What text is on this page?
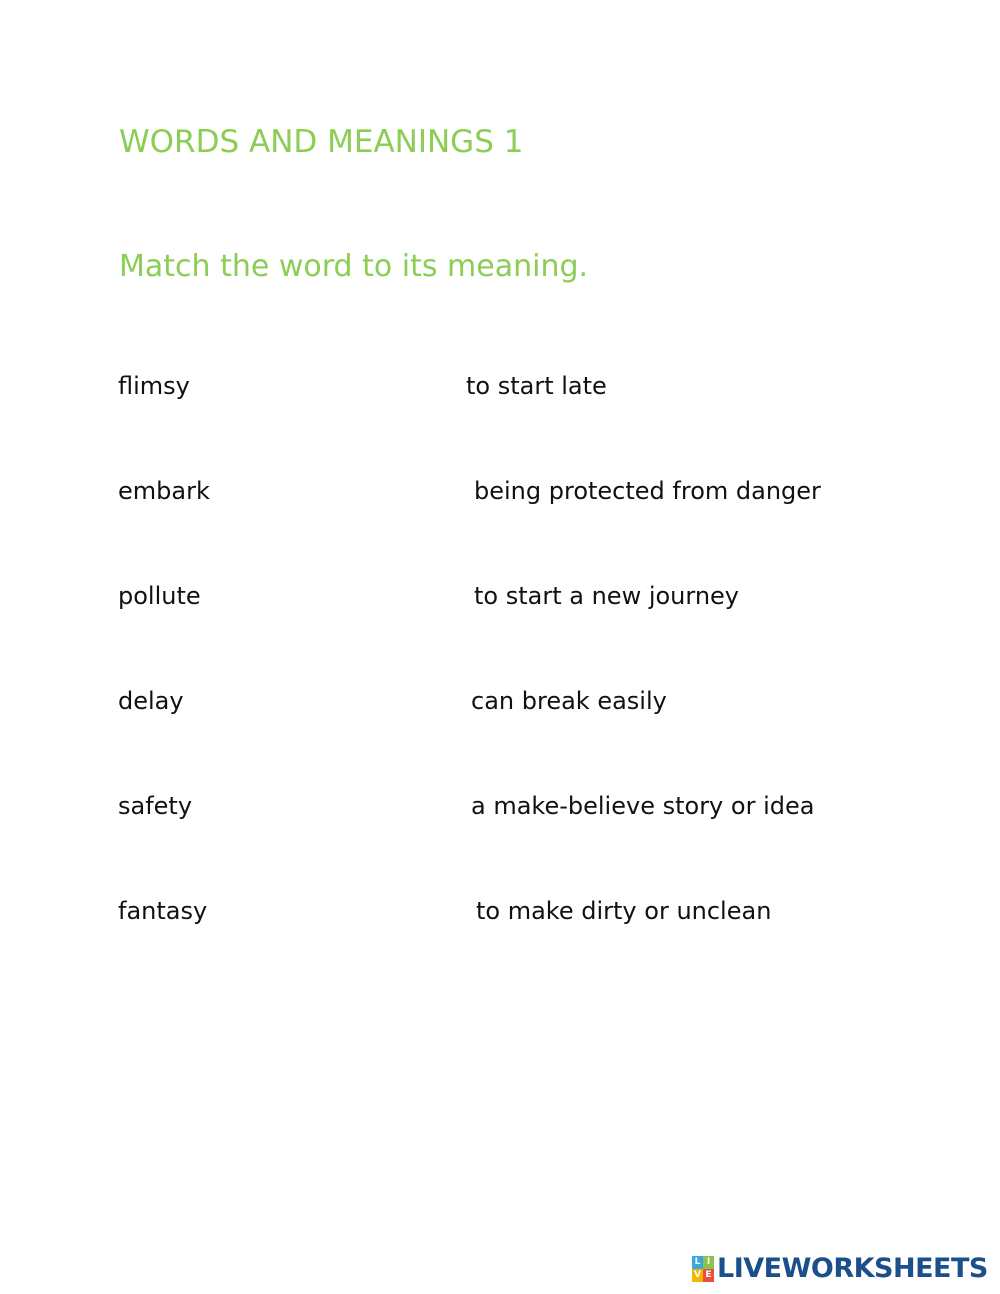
WORDS AND MEANINGS 1
Match the word to its meaning.
flimsy
embark
pollute
delay
safety
fantasy
to start late
being protected from danger
to start a new journey
can break easily
a make-believe story or idea
to make dirty or unclean
L I
V E LIVEWORKSHEETS
